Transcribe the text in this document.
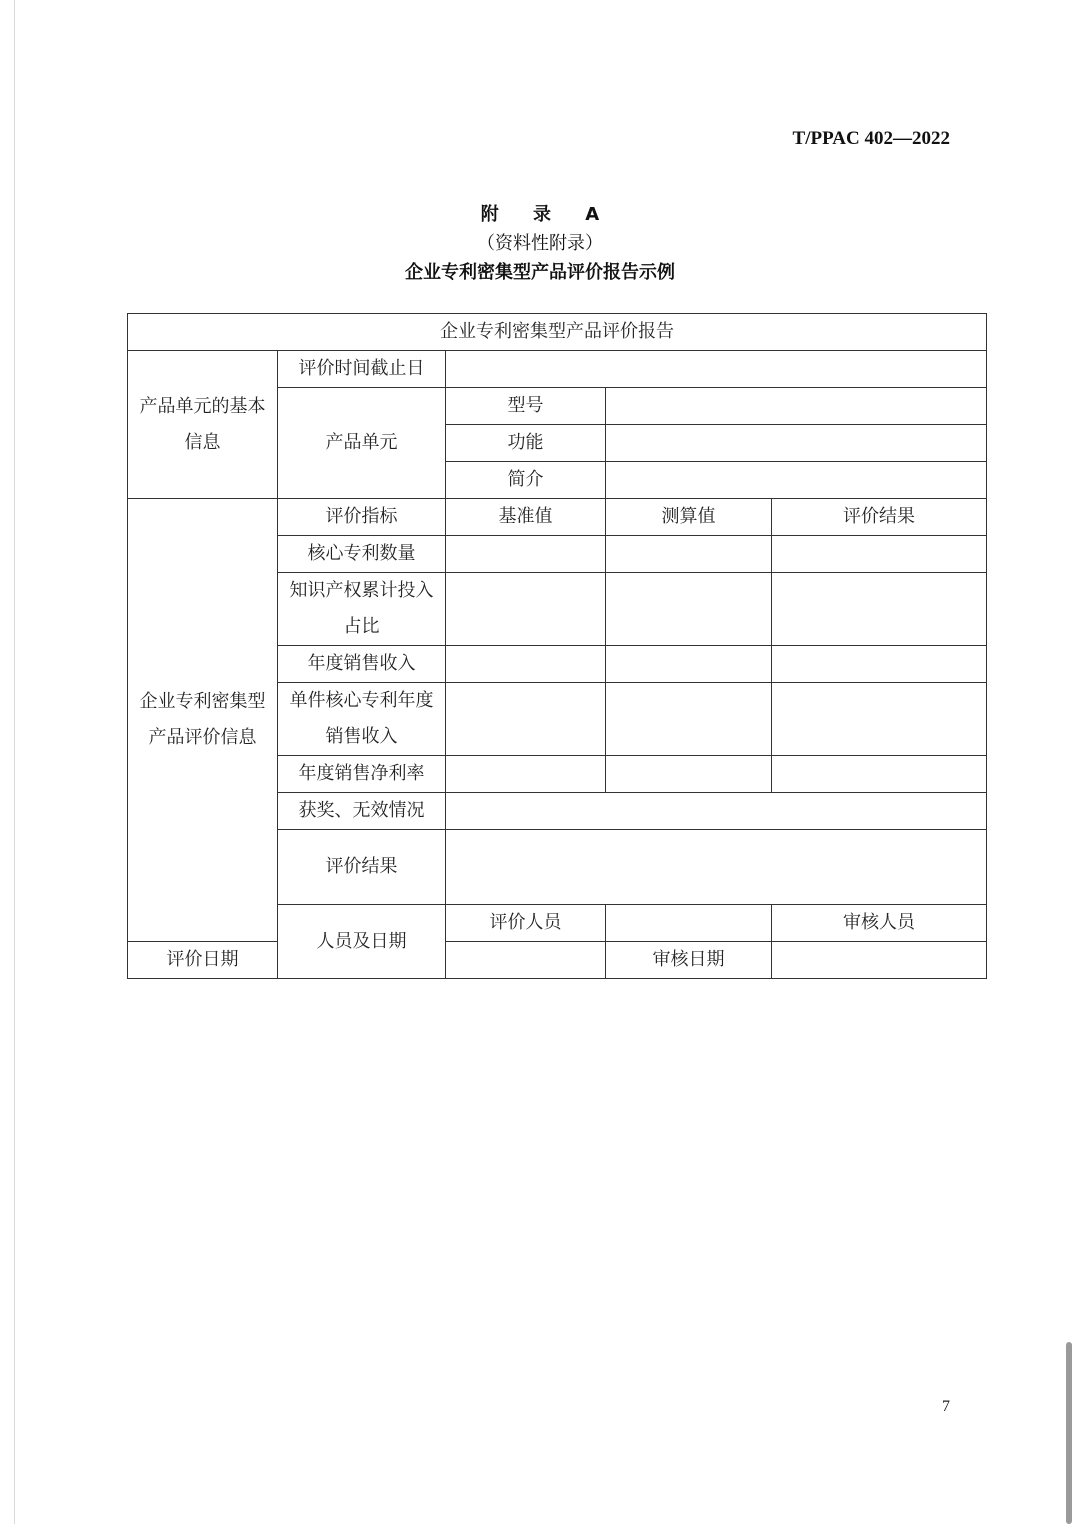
T/PPAC 402—2022
附 录 A
（资料性附录）
企业专利密集型产品评价报告示例
企业专利密集型产品评价报告					
产品单元的基本信息	评价时间截止日				
	产品单元	型号			
		功能			
		简介			
企业专利密集型产品评价信息	评价指标	基准值	测算值	评价结果	
	核心专利数量				
	知识产权累计投入占比				
	年度销售收入				
	单件核心专利年度销售收入				
	年度销售净利率				
	获奖、无效情况				
	评价结果				
	人员及日期	评价人员		审核人员	
评价日期			审核日期		
7
